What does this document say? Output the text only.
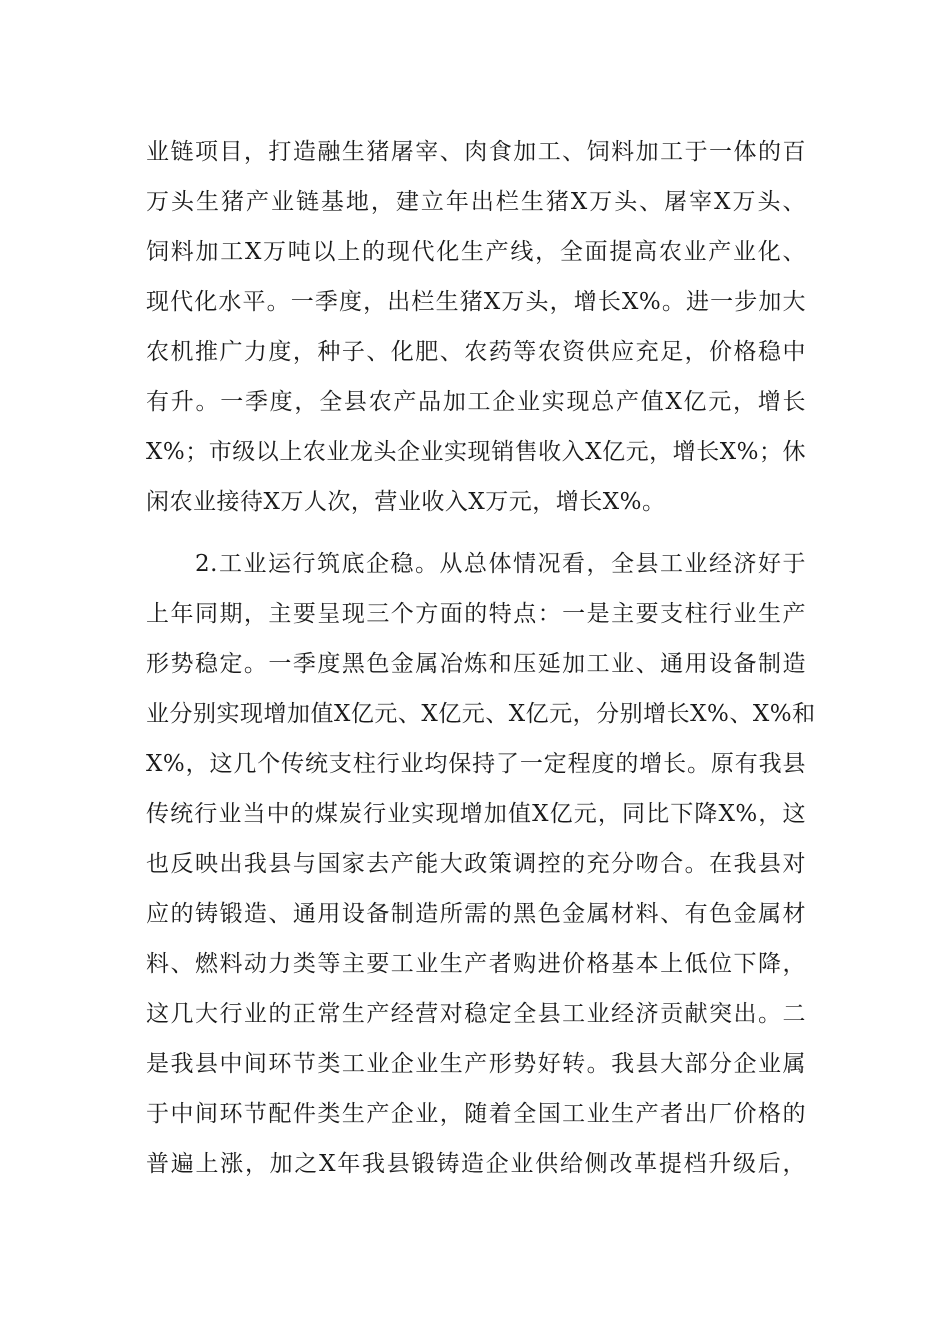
业链项目，打造融生猪屠宰、肉食加工、饲料加工于一体的百
万头生猪产业链基地，建立年出栏生猪X万头、屠宰X万头、
饲料加工X万吨以上的现代化生产线，全面提高农业产业化、
现代化水平。一季度，出栏生猪X万头，增长X%。进一步加大
农机推广力度，种子、化肥、农药等农资供应充足，价格稳中
有升。一季度，全县农产品加工企业实现总产值X亿元，增长
X%；市级以上农业龙头企业实现销售收入X亿元，增长X%；休
闲农业接待X万人次，营业收入X万元，增长X%。
　　2.工业运行筑底企稳。从总体情况看，全县工业经济好于
上年同期，主要呈现三个方面的特点：一是主要支柱行业生产
形势稳定。一季度黑色金属冶炼和压延加工业、通用设备制造
业分别实现增加值X亿元、X亿元、X亿元，分别增长X%、X%和
X%，这几个传统支柱行业均保持了一定程度的增长。原有我县
传统行业当中的煤炭行业实现增加值X亿元，同比下降X%，这
也反映出我县与国家去产能大政策调控的充分吻合。在我县对
应的铸锻造、通用设备制造所需的黑色金属材料、有色金属材
料、燃料动力类等主要工业生产者购进价格基本上低位下降，
这几大行业的正常生产经营对稳定全县工业经济贡献突出。二
是我县中间环节类工业企业生产形势好转。我县大部分企业属
于中间环节配件类生产企业，随着全国工业生产者出厂价格的
普遍上涨，加之X年我县锻铸造企业供给侧改革提档升级后，
